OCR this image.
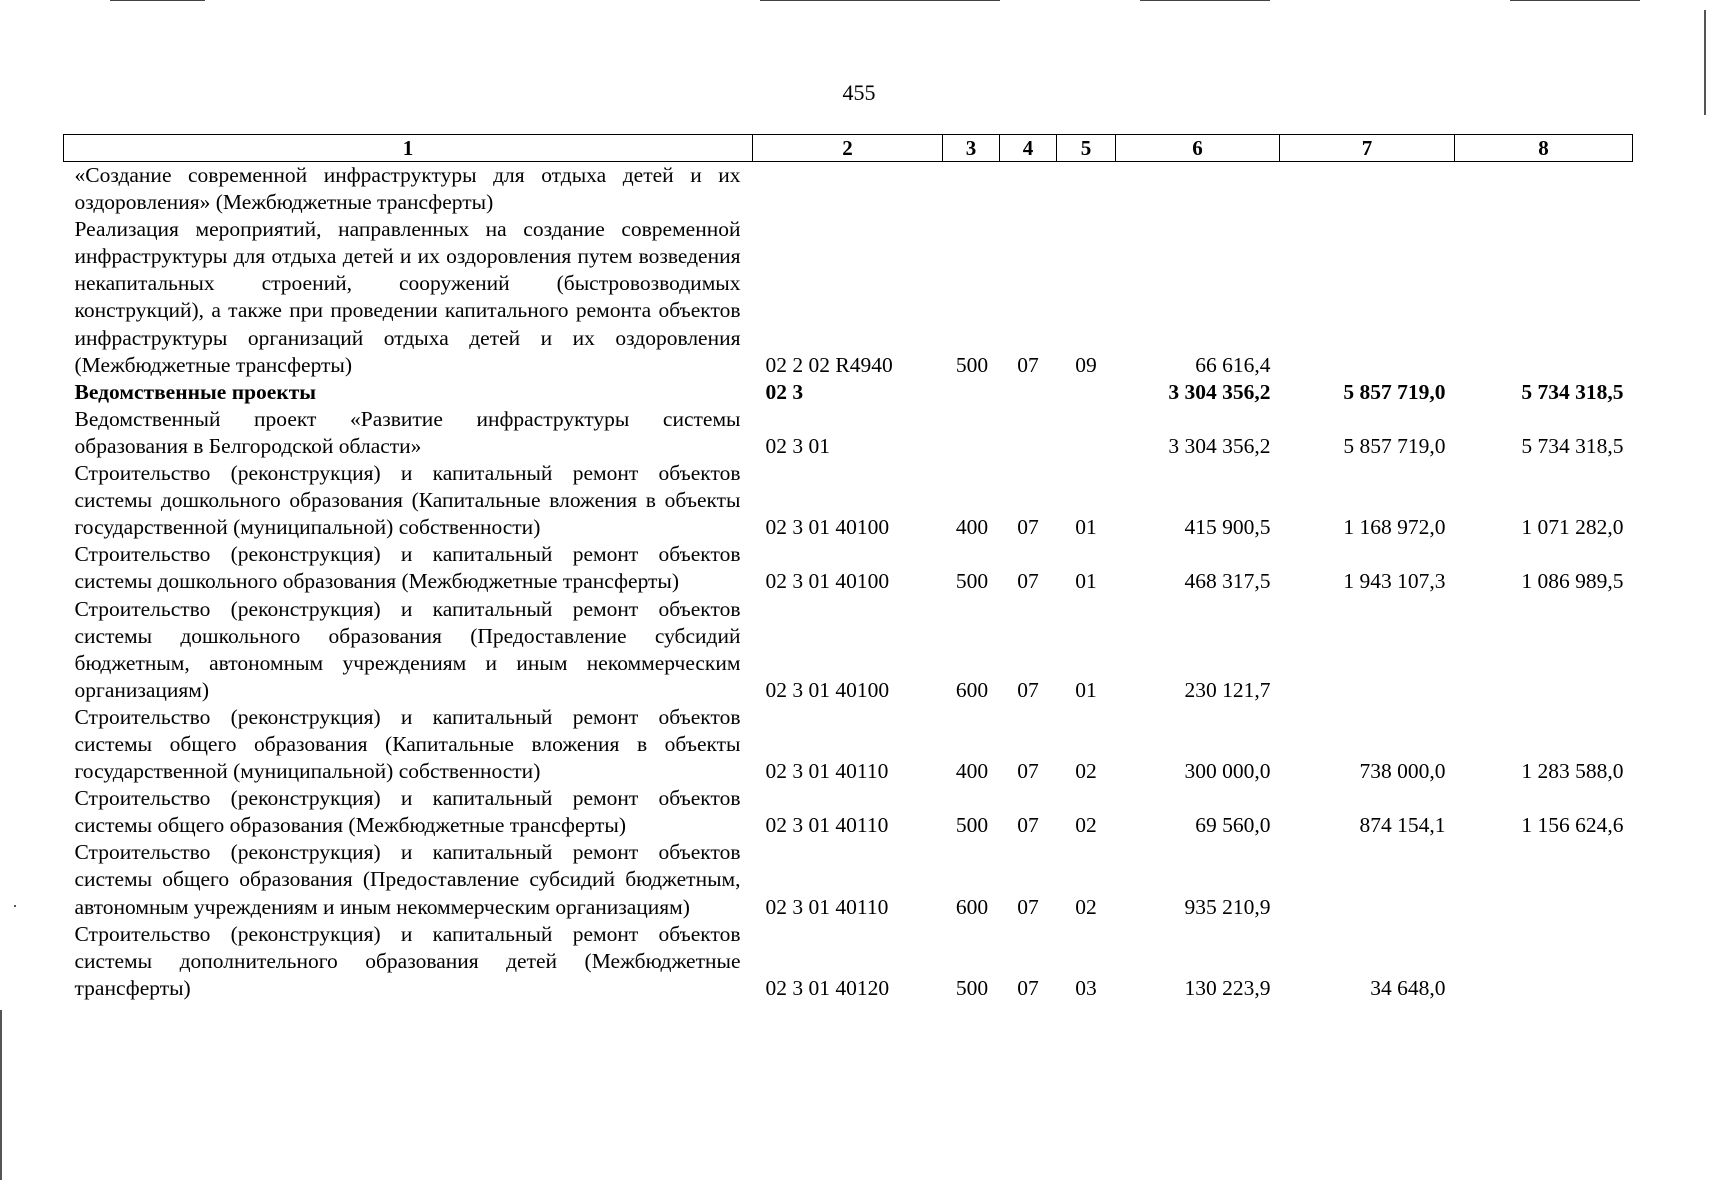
455
1	2	3	4	5	6	7	8
«Создание современной инфраструктуры для отдыха детей и их оздоровления» (Межбюджетные трансферты)							
Реализация мероприятий, направленных на создание современной инфраструктуры для отдыха детей и их оздоровления путем возведения некапитальных строений, сооружений (быстровозводимых конструкций), а также при проведении капитального ремонта объектов инфраструктуры организаций отдыха детей и их оздоровления (Межбюджетные трансферты)	02 2 02 R4940	500	07	09	66 616,4		
Ведомственные проекты	02 3				3 304 356,2	5 857 719,0	5 734 318,5
Ведомственный проект «Развитие инфраструктуры системы образования в Белгородской области»	02 3 01				3 304 356,2	5 857 719,0	5 734 318,5
Строительство (реконструкция) и капитальный ремонт объектов системы дошкольного образования (Капитальные вложения в объекты государственной (муниципальной) собственности)	02 3 01 40100	400	07	01	415 900,5	1 168 972,0	1 071 282,0
Строительство (реконструкция) и капитальный ремонт объектов системы дошкольного образования (Межбюджетные трансферты)	02 3 01 40100	500	07	01	468 317,5	1 943 107,3	1 086 989,5
Строительство (реконструкция) и капитальный ремонт объектов системы дошкольного образования (Предоставление субсидий бюджетным, автономным учреждениям и иным некоммерческим организациям)	02 3 01 40100	600	07	01	230 121,7		
Строительство (реконструкция) и капитальный ремонт объектов системы общего образования (Капитальные вложения в объекты государственной (муниципальной) собственности)	02 3 01 40110	400	07	02	300 000,0	738 000,0	1 283 588,0
Строительство (реконструкция) и капитальный ремонт объектов системы общего образования (Межбюджетные трансферты)	02 3 01 40110	500	07	02	69 560,0	874 154,1	1 156 624,6
Строительство (реконструкция) и капитальный ремонт объектов системы общего образования (Предоставление субсидий бюджетным, автономным учреждениям и иным некоммерческим организациям)	02 3 01 40110	600	07	02	935 210,9		
Строительство (реконструкция) и капитальный ремонт объектов системы дополнительного образования детей (Межбюджетные трансферты)	02 3 01 40120	500	07	03	130 223,9	34 648,0	
